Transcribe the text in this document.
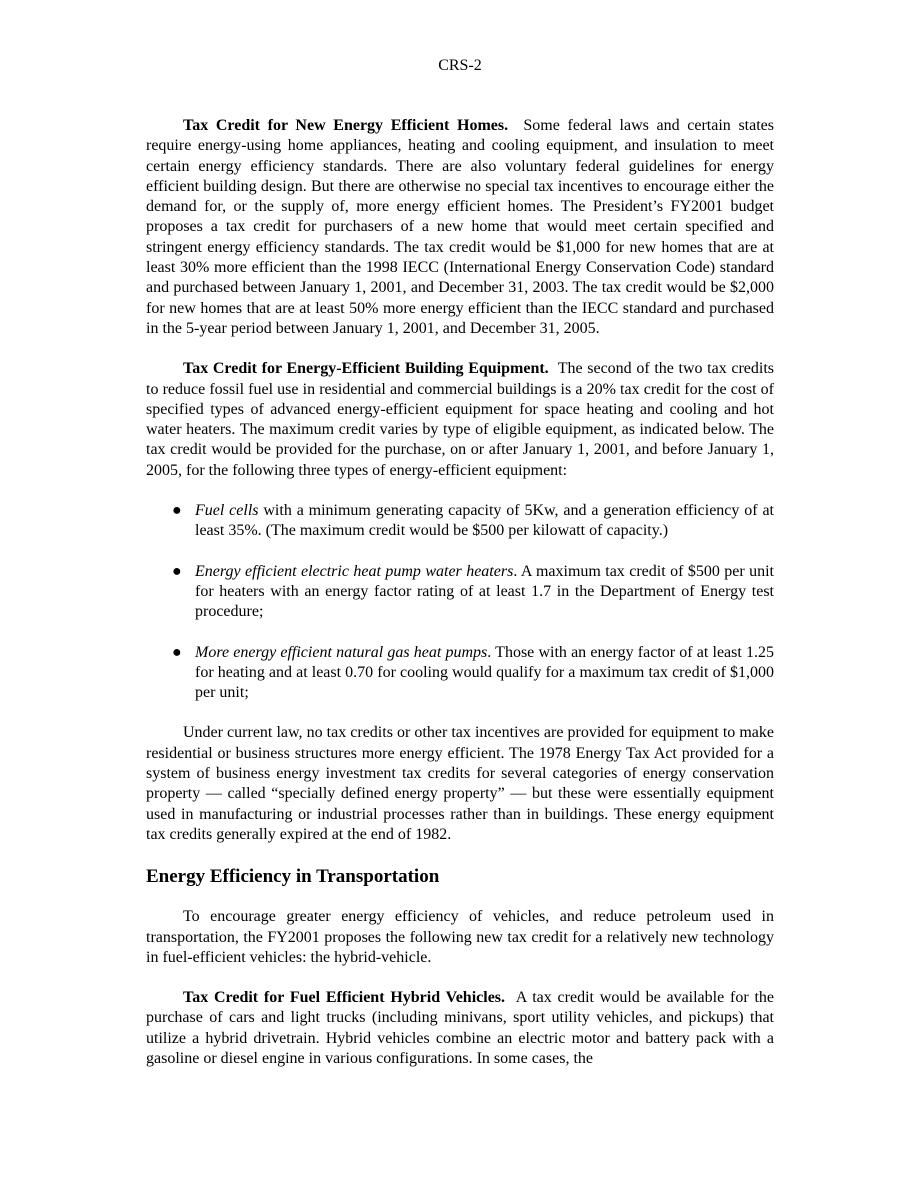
CRS-2

Tax Credit for New Energy Efficient Homes. Some federal laws and certain states require energy-using home appliances, heating and cooling equipment, and insulation to meet certain energy efficiency standards. There are also voluntary federal guidelines for energy efficient building design. But there are otherwise no special tax incentives to encourage either the demand for, or the supply of, more energy efficient homes. The President’s FY2001 budget proposes a tax credit for purchasers of a new home that would meet certain specified and stringent energy efficiency standards. The tax credit would be $1,000 for new homes that are at least 30% more efficient than the 1998 IECC (International Energy Conservation Code) standard and purchased between January 1, 2001, and December 31, 2003. The tax credit would be $2,000 for new homes that are at least 50% more energy efficient than the IECC standard and purchased in the 5-year period between January 1, 2001, and December 31, 2005.

Tax Credit for Energy-Efficient Building Equipment. The second of the two tax credits to reduce fossil fuel use in residential and commercial buildings is a 20% tax credit for the cost of specified types of advanced energy-efficient equipment for space heating and cooling and hot water heaters. The maximum credit varies by type of eligible equipment, as indicated below. The tax credit would be provided for the purchase, on or after January 1, 2001, and before January 1, 2005, for the following three types of energy-efficient equipment:

● Fuel cells with a minimum generating capacity of 5Kw, and a generation efficiency of at least 35%. (The maximum credit would be $500 per kilowatt of capacity.)
● Energy efficient electric heat pump water heaters. A maximum tax credit of $500 per unit for heaters with an energy factor rating of at least 1.7 in the Department of Energy test procedure;
● More energy efficient natural gas heat pumps. Those with an energy factor of at least 1.25 for heating and at least 0.70 for cooling would qualify for a maximum tax credit of $1,000 per unit;

Under current law, no tax credits or other tax incentives are provided for equipment to make residential or business structures more energy efficient. The 1978 Energy Tax Act provided for a system of business energy investment tax credits for several categories of energy conservation property — called “specially defined energy property” — but these were essentially equipment used in manufacturing or industrial processes rather than in buildings. These energy equipment tax credits generally expired at the end of 1982.

Energy Efficiency in Transportation

To encourage greater energy efficiency of vehicles, and reduce petroleum used in transportation, the FY2001 proposes the following new tax credit for a relatively new technology in fuel-efficient vehicles: the hybrid-vehicle.

Tax Credit for Fuel Efficient Hybrid Vehicles. A tax credit would be available for the purchase of cars and light trucks (including minivans, sport utility vehicles, and pickups) that utilize a hybrid drivetrain. Hybrid vehicles combine an electric motor and battery pack with a gasoline or diesel engine in various configurations. In some cases, the
